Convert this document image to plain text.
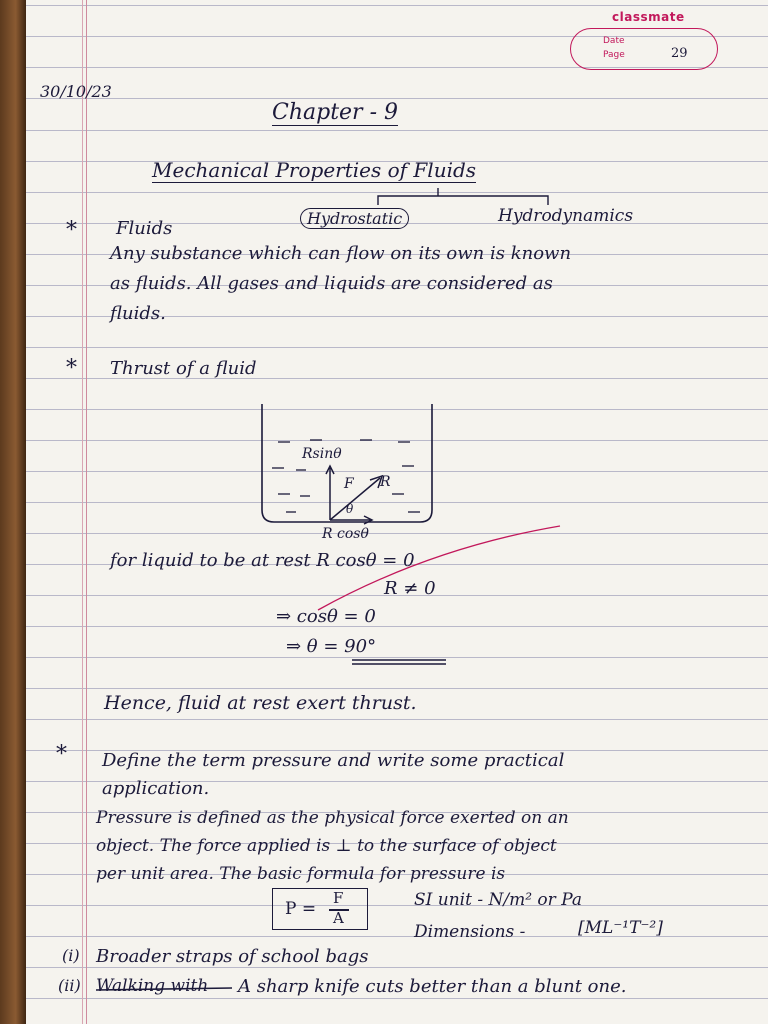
classmate
Date
Page	29
30/10/23
Chapter - 9
Mechanical Properties of Fluids
Hydrostatic	Hydrodynamics
* Fluids
Any substance which can flow on its own is known
as fluids. All gases and liquids are considered as
fluids.
* Thrust of a fluid
Rsinθ
F R
θ
R cosθ
for liquid to be at rest R cosθ = 0
R ≠ 0
⇒ cosθ = 0
⇒ θ = 90°
Hence, fluid at rest exert thrust.
* Define the term pressure and write some practical
application.
Pressure is defined as the physical force exerted on an
object. The force applied is ⊥ to the surface of object
per unit area. The basic formula for pressure is
P =
F
A
SI unit - N/m² or Pa
Dimensions -	[ML⁻¹T⁻²]
(i) Broader straps of school bags
(ii) Walking with A sharp knife cuts better than a blunt one.
